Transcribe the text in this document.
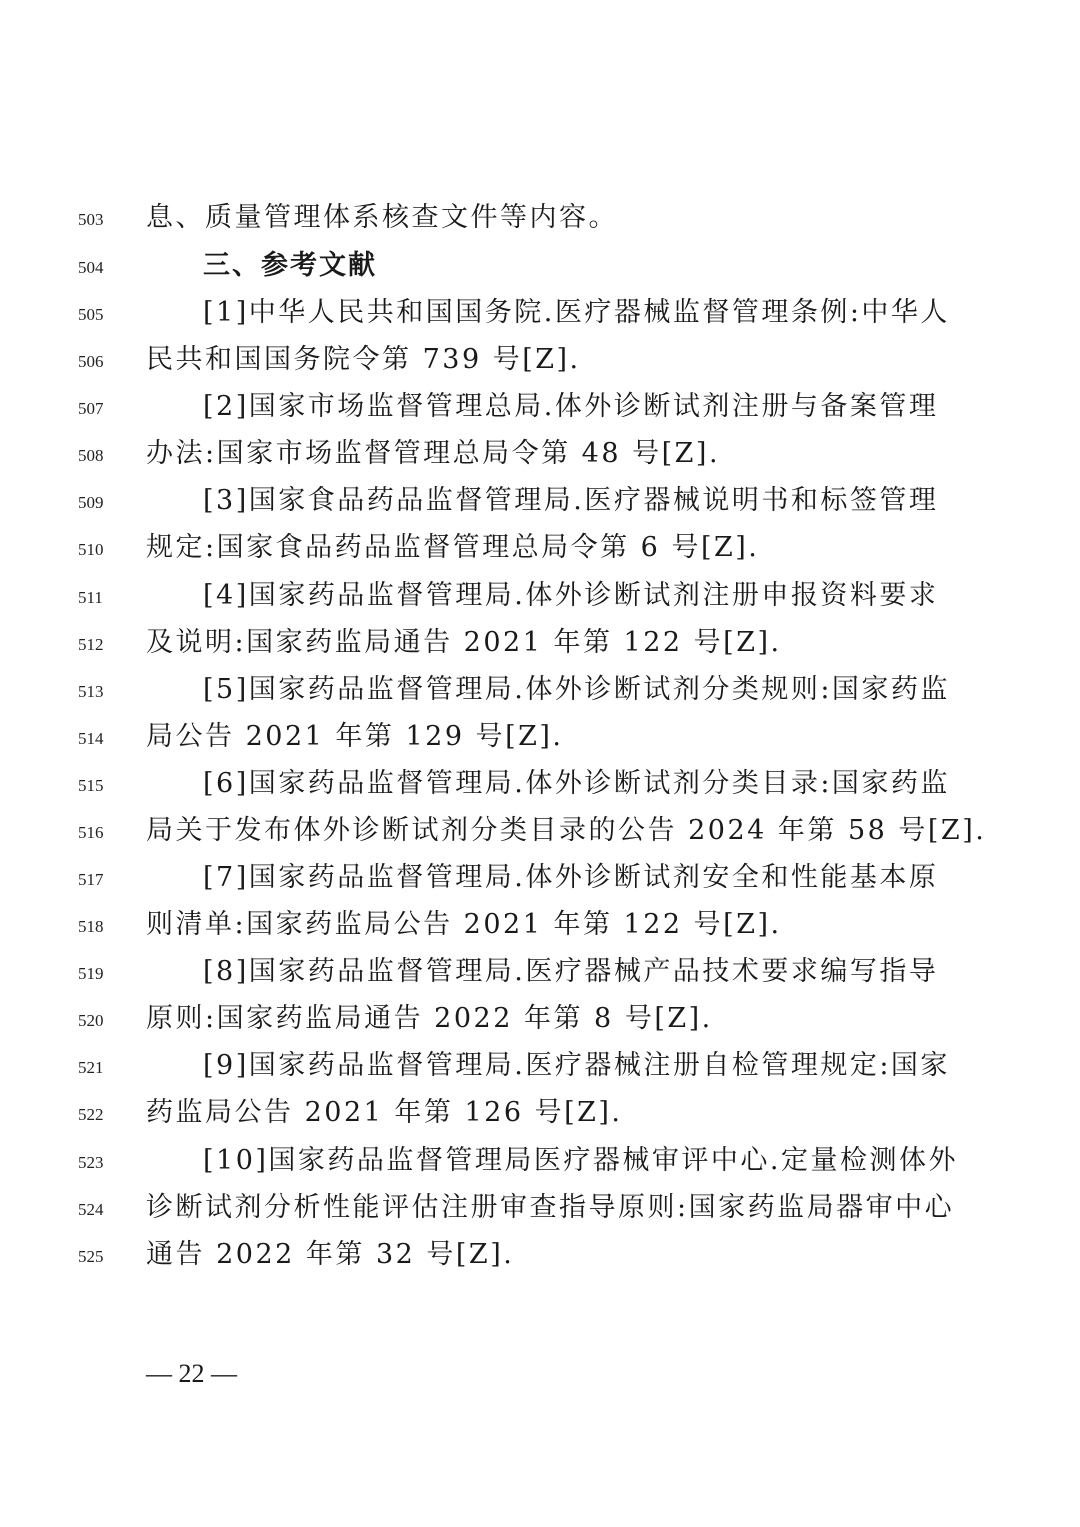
503	息、质量管理体系核查文件等内容。
504	三、参考文献
505	[1]中华人民共和国国务院.医疗器械监督管理条例:中华人
506	民共和国国务院令第 739 号[Z].
507	[2]国家市场监督管理总局.体外诊断试剂注册与备案管理
508	办法:国家市场监督管理总局令第 48 号[Z].
509	[3]国家食品药品监督管理局.医疗器械说明书和标签管理
510	规定:国家食品药品监督管理总局令第 6 号[Z].
511	[4]国家药品监督管理局.体外诊断试剂注册申报资料要求
512	及说明:国家药监局通告 2021 年第 122 号[Z].
513	[5]国家药品监督管理局.体外诊断试剂分类规则:国家药监
514	局公告 2021 年第 129 号[Z].
515	[6]国家药品监督管理局.体外诊断试剂分类目录:国家药监
516	局关于发布体外诊断试剂分类目录的公告 2024 年第 58 号[Z].
517	[7]国家药品监督管理局.体外诊断试剂安全和性能基本原
518	则清单:国家药监局公告 2021 年第 122 号[Z].
519	[8]国家药品监督管理局.医疗器械产品技术要求编写指导
520	原则:国家药监局通告 2022 年第 8 号[Z].
521	[9]国家药品监督管理局.医疗器械注册自检管理规定:国家
522	药监局公告 2021 年第 126 号[Z].
523	[10]国家药品监督管理局医疗器械审评中心.定量检测体外
524	诊断试剂分析性能评估注册审查指导原则:国家药监局器审中心
525	通告 2022 年第 32 号[Z].
— 22 —
